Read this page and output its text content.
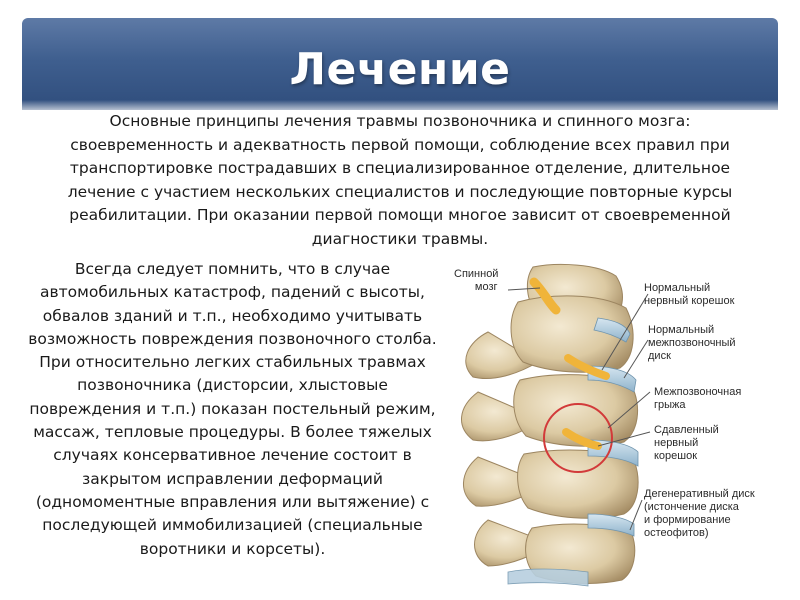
Лечение

Основные принципы лечения травмы позвоночника и спинного мозга: своевременность и адекватность первой помощи, соблюдение всех правил при транспортировке пострадавших в специализированное отделение, длительное лечение с участием нескольких специалистов и последующие повторные курсы реабилитации. При оказании первой помощи многое зависит от своевременной диагностики травмы.

Всегда следует помнить, что в случае автомобильных катастроф, падений с высоты, обвалов зданий и т.п., необходимо учитывать возможность повреждения позвоночного столба. При относительно легких стабильных травмах позвоночника (дисторсии, хлыстовые повреждения и т.п.) показан постельный режим, массаж, тепловые процедуры. В более тяжелых случаях консервативное лечение состоит в закрытом исправлении деформаций (одномоментные вправления или вытяжение) с последующей иммобилизацией (специальные воротники и корсеты).

Спинной
мозг	Нормальный
нервный корешок
Нормальный
межпозвоночный
диск
Межпозвоночная
грыжа
Сдавленный
нервный
корешок
Дегенеративный диск
(истончение диска
и формирование
остеофитов)
